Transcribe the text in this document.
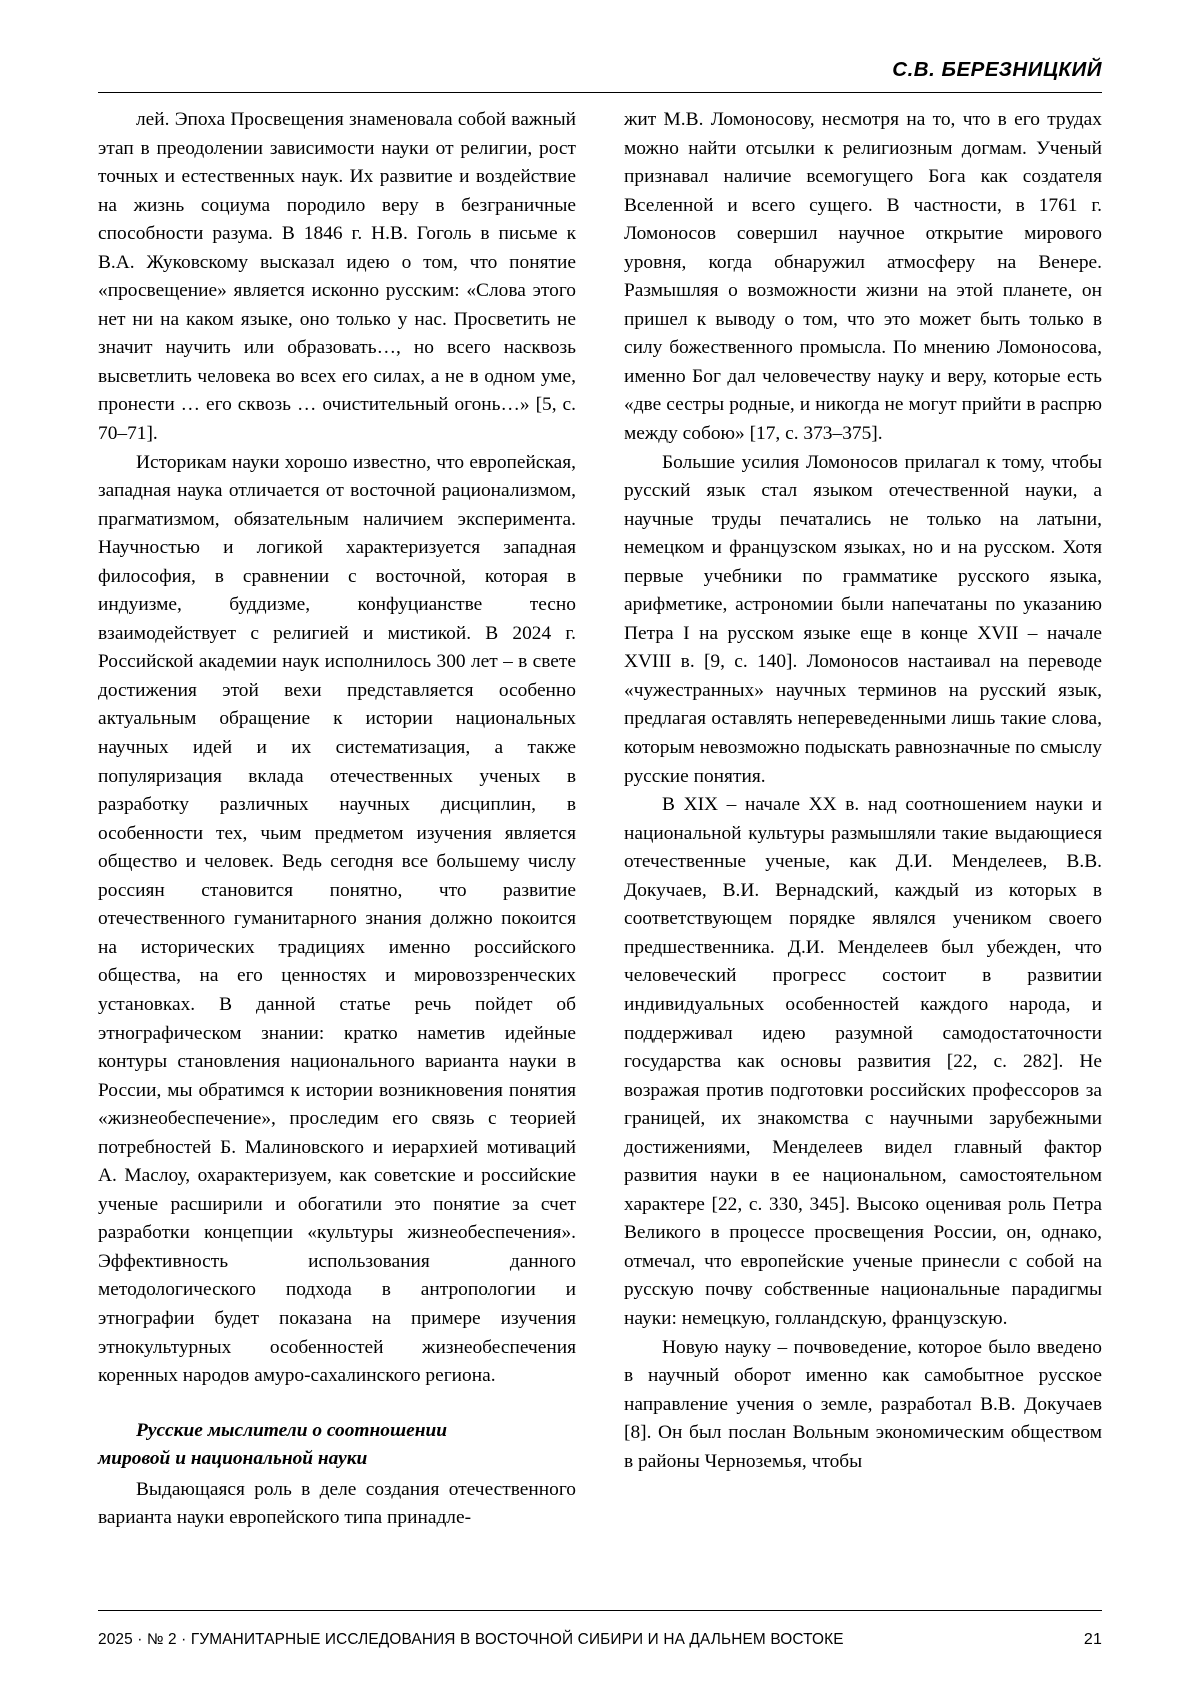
С.В. БЕРЕЗНИЦКИЙ

лей. Эпоха Просвещения знаменовала собой важный этап в преодолении зависимости науки от религии, рост точных и естественных наук. Их развитие и воздействие на жизнь социума породило веру в безграничные способности разума. В 1846 г. Н.В. Гоголь в письме к В.А. Жуковскому высказал идею о том, что понятие «просвещение» является исконно русским: «Слова этого нет ни на каком языке, оно только у нас. Просветить не значит научить или образовать…, но всего насквозь высветлить человека во всех его силах, а не в одном уме, пронести … его сквозь … очистительный огонь…» [5, с. 70–71].

Историкам науки хорошо известно, что европейская, западная наука отличается от восточной рационализмом, прагматизмом, обязательным наличием эксперимента. Научностью и логикой характеризуется западная философия, в сравнении с восточной, которая в индуизме, буддизме, конфуцианстве тесно взаимодействует с религией и мистикой. В 2024 г. Российской академии наук исполнилось 300 лет – в свете достижения этой вехи представляется особенно актуальным обращение к истории национальных научных идей и их систематизация, а также популяризация вклада отечественных ученых в разработку различных научных дисциплин, в особенности тех, чьим предметом изучения является общество и человек. Ведь сегодня все большему числу россиян становится понятно, что развитие отечественного гуманитарного знания должно покоится на исторических традициях именно российского общества, на его ценностях и мировоззренческих установках. В данной статье речь пойдет об этнографическом знании: кратко наметив идейные контуры становления национального варианта науки в России, мы обратимся к истории возникновения понятия «жизнеобеспечение», проследим его связь с теорией потребностей Б. Малиновского и иерархией мотиваций А. Маслоу, охарактеризуем, как советские и российские ученые расширили и обогатили это понятие за счет разработки концепции «культуры жизнеобеспечения». Эффективность использования данного методологического подхода в антропологии и этнографии будет показана на примере изучения этнокультурных особенностей жизнеобеспечения коренных народов амуро-сахалинского региона.

Русские мыслители о соотношении
мировой и национальной науки

Выдающаяся роль в деле создания отечественного варианта науки европейского типа принадле-

жит М.В. Ломоносову, несмотря на то, что в его трудах можно найти отсылки к религиозным догмам. Ученый признавал наличие всемогущего Бога как создателя Вселенной и всего сущего. В частности, в 1761 г. Ломоносов совершил научное открытие мирового уровня, когда обнаружил атмосферу на Венере. Размышляя о возможности жизни на этой планете, он пришел к выводу о том, что это может быть только в силу божественного промысла. По мнению Ломоносова, именно Бог дал человечеству науку и веру, которые есть «две сестры родные, и никогда не могут прийти в распрю между собою» [17, с. 373–375].

Большие усилия Ломоносов прилагал к тому, чтобы русский язык стал языком отечественной науки, а научные труды печатались не только на латыни, немецком и французском языках, но и на русском. Хотя первые учебники по грамматике русского языка, арифметике, астрономии были напечатаны по указанию Петра I на русском языке еще в конце XVII – начале XVIII в. [9, с. 140]. Ломоносов настаивал на переводе «чужестранных» научных терминов на русский язык, предлагая оставлять непереведенными лишь такие слова, которым невозможно подыскать равнозначные по смыслу русские понятия.

В XIX – начале XX в. над соотношением науки и национальной культуры размышляли такие выдающиеся отечественные ученые, как Д.И. Менделеев, В.В. Докучаев, В.И. Вернадский, каждый из которых в соответствующем порядке являлся учеником своего предшественника. Д.И. Менделеев был убежден, что человеческий прогресс состоит в развитии индивидуальных особенностей каждого народа, и поддерживал идею разумной самодостаточности государства как основы развития [22, с. 282]. Не возражая против подготовки российских профессоров за границей, их знакомства с научными зарубежными достижениями, Менделеев видел главный фактор развития науки в ее национальном, самостоятельном характере [22, с. 330, 345]. Высоко оценивая роль Петра Великого в процессе просвещения России, он, однако, отмечал, что европейские ученые принесли с собой на русскую почву собственные национальные парадигмы науки: немецкую, голландскую, французскую.

Новую науку – почвоведение, которое было введено в научный оборот именно как самобытное русское направление учения о земле, разработал В.В. Докучаев [8]. Он был послан Вольным экономическим обществом в районы Черноземья, чтобы

2025 · № 2 · ГУМАНИТАРНЫЕ ИССЛЕДОВАНИЯ В ВОСТОЧНОЙ СИБИРИ И НА ДАЛЬНЕМ ВОСТОКЕ	21
